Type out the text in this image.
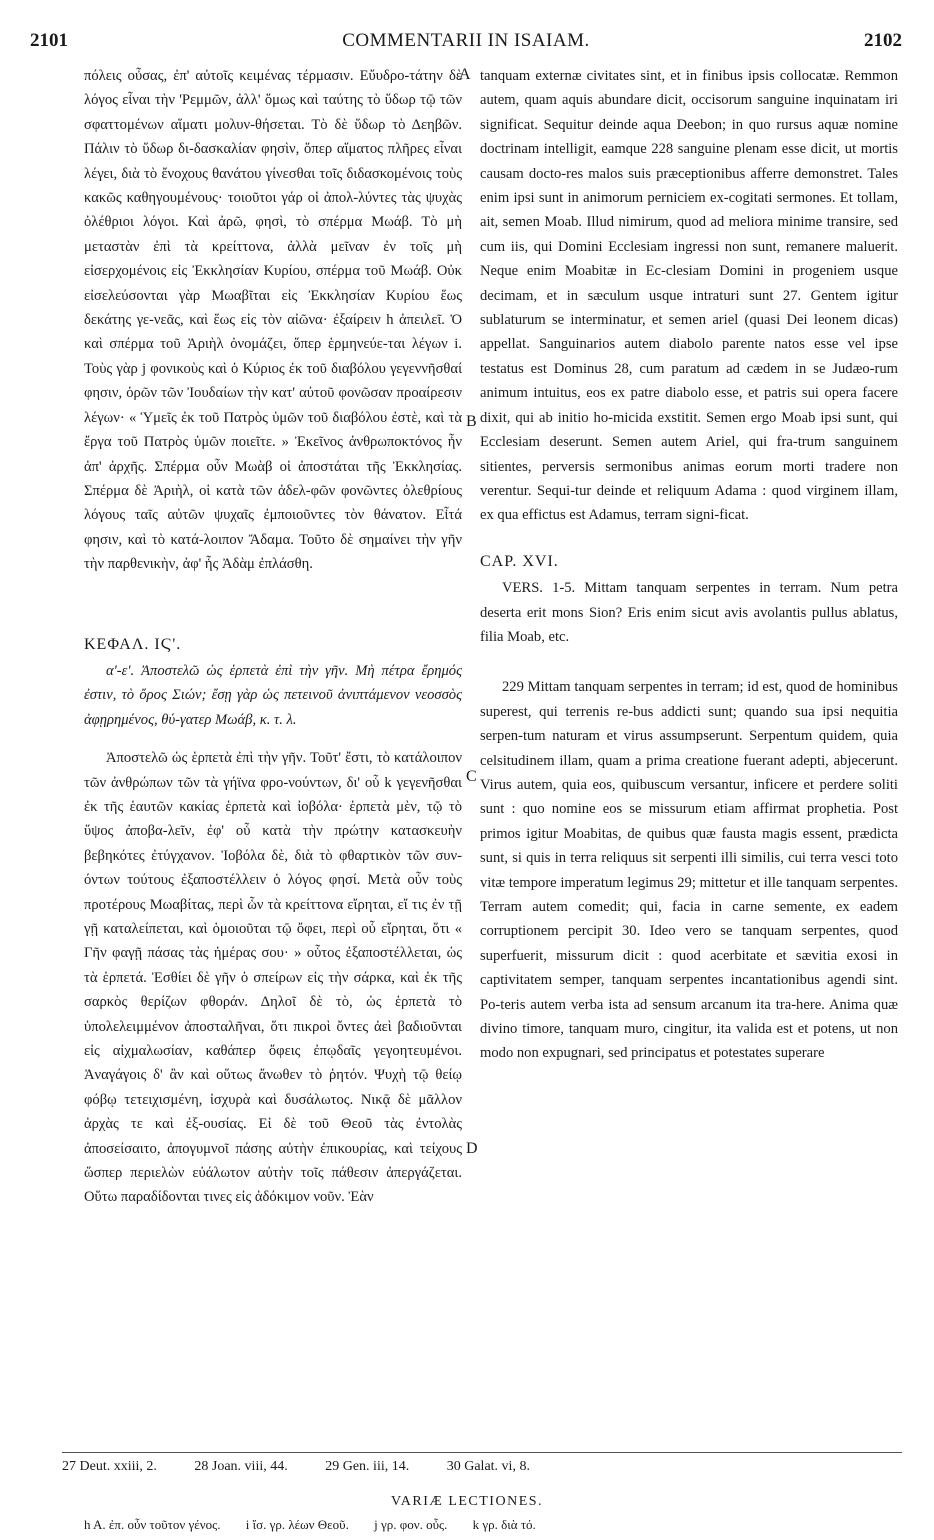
2101	COMMENTARII IN ISAIAM.	2102

πόλεις οὖσας, ἐπ' αὐτοῖς κειμένας τέρμασιν. Εὔυδρο-τάτην δὲ λόγος εἶναι τὴν 'Ρεμμῶν, ἀλλ' ὅμως καὶ ταύτης τὸ ὕδωρ τῷ τῶν σφαττομένων αἵματι μολυν-θήσεται. Τὸ δὲ ὕδωρ τὸ Δεηβῶν. Πάλιν τὸ ὕδωρ δι-δασκαλίαν φησὶν, ὅπερ αἵματος πλῆρες εἶναι λέγει, διὰ τὸ ἔνοχους θανάτου γίνεσθαι τοῖς διδασκομένοις τοὺς κακῶς καθηγουμένους· τοιοῦτοι γάρ οἱ ἀπολ-λύντες τὰς ψυχὰς ὀλέθριοι λόγοι. Καὶ ἀρῶ, φησὶ, τὸ σπέρμα Μωάβ. Τὸ μὴ μεταστὰν ἐπὶ τὰ κρείττονα, ἀλλὰ μεῖναν ἐν τοῖς μὴ εἰσερχομένοις εἰς Ἐκκλησίαν Κυρίου, σπέρμα τοῦ Μωάβ. Οὐκ εἰσελεύσονται γὰρ Μωαβῖται εἰς Ἐκκλησίαν Κυρίου ἕως δεκάτης γε-νεᾶς, καὶ ἕως εἰς τὸν αἰῶνα· ἐξαίρειν h ἀπειλεῖ. Ὁ καὶ σπέρμα τοῦ Ἀριὴλ ὀνομάζει, ὅπερ ἑρμηνεύε-ται λέγων i. Τοὺς γὰρ j φονικοὺς καὶ ὁ Κύριος ἐκ τοῦ διαβόλου γεγεννῆσθαί φησιν, ὁρῶν τῶν Ἰουδαίων τὴν κατ' αὐτοῦ φονῶσαν προαίρεσιν λέγων· « Ὑμεῖς ἐκ τοῦ Πατρὸς ὑμῶν τοῦ διαβόλου ἐστὲ, καὶ τὰ ἔργα τοῦ Πατρὸς ὑμῶν ποιεῖτε. » Ἐκεῖνος ἀνθρωποκτόνος ἦν ἀπ' ἀρχῆς. Σπέρμα οὖν Μωὰβ οἱ ἀποστάται τῆς Ἐκκλησίας. Σπέρμα δὲ Ἀριὴλ, οἱ κατὰ τῶν ἀδελ-φῶν φονῶντες ὀλεθρίους λόγους ταῖς αὐτῶν ψυχαῖς ἐμποιοῦντες τὸν θάνατον. Εἶτά φησιν, καὶ τὸ κατά-λοιπον Ἄδαμα. Τοῦτο δὲ σημαίνει τὴν γῆν τὴν παρθενικὴν, ἀφ' ἧς Ἀδὰμ ἐπλάσθη.

ΚΕΦΑΛ. ΙϚ'.

α'-ε'. Ἀποστελῶ ὡς ἑρπετὰ ἐπὶ τὴν γῆν. Μὴ πέτρα ἔρημός ἐστιν, τὸ ὄρος Σιών; ἔσῃ γὰρ ὡς πετεινοῦ ἀνιπτάμενον νεοσσὸς ἀφῃρημένος, θύ-γατερ Μωάβ, κ. τ. λ.

Ἀποστελῶ ὡς ἑρπετὰ ἐπὶ τὴν γῆν. Τοῦτ' ἔστι, τὸ κατάλοιπον τῶν ἀνθρώπων τῶν τὰ γήϊνα φρο-νούντων, δι' οὗ k γεγενῆσθαι ἐκ τῆς ἑαυτῶν κακίας ἑρπετὰ καὶ ἰοβόλα· ἑρπετὰ μὲν, τῷ τὸ ὕψος ἀποβα-λεῖν, ἐφ' οὗ κατὰ τὴν πρώτην κατασκευὴν βεβηκότες ἐτύγχανον. Ἰοβόλα δὲ, διὰ τὸ φθαρτικὸν τῶν συν-όντων τούτους ἐξαποστέλλειν ὁ λόγος φησί. Μετὰ οὖν τοὺς προτέρους Μωαβίτας, περὶ ὧν τὰ κρείττονα εἴρηται, εἴ τις ἐν τῇ γῇ καταλείπεται, καὶ ὁμοιοῦται τῷ ὄφει, περὶ οὗ εἴρηται, ὅτι « Γῆν φαγῇ πάσας τὰς ἡμέρας σου· » οὗτος ἐξαποστέλλεται, ὡς τὰ ἑρπετά. Ἐσθίει δὲ γῆν ὁ σπείρων εἰς τὴν σάρκα, καὶ ἐκ τῆς σαρκὸς θερίζων φθοράν. Δηλοῖ δὲ τὸ, ὡς ἑρπετὰ τὸ ὑπολελειμμένον ἀποσταλῆναι, ὅτι πικροὶ ὄντες ἀεὶ βαδιοῦνται εἰς αἰχμαλωσίαν, καθάπερ ὄφεις ἐπῳδαῖς γεγοητευμένοι. Ἀναγάγοις δ' ἂν καὶ οὕτως ἄνωθεν τὸ ῥητόν. Ψυχὴ τῷ θείῳ φόβῳ τετειχισμένη, ἰσχυρὰ καὶ δυσάλωτος. Νικᾷ δὲ μᾶλλον ἀρχὰς τε καὶ ἐξ-ουσίας. Εἰ δὲ τοῦ Θεοῦ τὰς ἐντολὰς ἀποσείσαιτο, ἀπογυμνοῖ πάσης αὐτὴν ἐπικουρίας, καὶ τείχους ὥσπερ περιελὼν εὐάλωτον αὐτὴν τοῖς πάθεσιν ἀπεργάζεται. Οὕτω παραδίδονται τινες εἰς ἀδόκιμον νοῦν. Ἐὰν

tanquam externæ civitates sint, et in finibus ipsis collocatæ. Remmon autem, quam aquis abundare dicit, occisorum sanguine inquinatam iri significat. Sequitur deinde aqua Deebon; in quo rursus aquæ nomine doctrinam intelligit, eamque 228 sanguine plenam esse dicit, ut mortis causam docto-res malos suis præceptionibus afferre demonstret. Tales enim ipsi sunt in animorum perniciem ex-cogitati sermones. Et tollam, ait, semen Moab. Illud nimirum, quod ad meliora minime transire, sed cum iis, qui Domini Ecclesiam ingressi non sunt, remanere maluerit. Neque enim Moabitæ in Ec-clesiam Domini in progeniem usque decimam, et in sæculum usque intraturi sunt 27. Gentem igitur sublaturum se interminatur, et semen ariel (quasi Dei leonem dicas) appellat. Sanguinarios autem diabolo parente natos esse vel ipse testatus est Dominus 28, cum paratum ad cædem in se Judæo-rum animum intuitus, eos ex patre diabolo esse, et patris sui opera facere dixit, qui ab initio ho-micida exstitit. Semen ergo Moab ipsi sunt, qui Ecclesiam deserunt. Semen autem Ariel, qui fra-trum sanguinem sitientes, perversis sermonibus animas eorum morti tradere non verentur. Sequi-tur deinde et reliquum Adama : quod virginem illam, ex qua effictus est Adamus, terram signi-ficat.

CAP. XVI.

VERS. 1-5. Mittam tanquam serpentes in terram. Num petra deserta erit mons Sion? Eris enim sicut avis avolantis pullus ablatus, filia Moab, etc.

229 Mittam tanquam serpentes in terram; id est, quod de hominibus superest, qui terrenis re-bus addicti sunt; quando sua ipsi nequitia serpen-tum naturam et virus assumpserunt. Serpentum quidem, quia celsitudinem illam, quam a prima creatione fuerant adepti, abjecerunt. Virus autem, quia eos, quibuscum versantur, inficere et perdere soliti sunt : quo nomine eos se missurum etiam affirmat prophetia. Post primos igitur Moabitas, de quibus quæ fausta magis essent, prædicta sunt, si quis in terra reliquus sit serpenti illi similis, cui terra vesci toto vitæ tempore imperatum legimus 29; mittetur et ille tanquam serpentes. Terram autem comedit; qui, facia in carne semente, ex eadem corruptionem percipit 30. Ideo vero se tanquam serpentes, quod superfuerit, missurum dicit : quod acerbitate et sævitia exosi in captivitatem semper, tanquam serpentes incantationibus agendi sint. Po-teris autem verba ista ad sensum arcanum ita tra-here. Anima quæ divino timore, tanquam muro, cingitur, ita valida est et potens, ut non modo non expugnari, sed principatus et potestates superare

A
B
C
D
27 Deut. xxiii, 2.	28 Joan. viii, 44.	29 Gen. iii, 14.	30 Galat. vi, 8.
VARIÆ LECTIONES.
h A. ἐπ. οὖν τοῦτον γένος. i ἴσ. γρ. λέων Θεοῦ. j γρ. φον. οὖς. k γρ. διὰ τό.
